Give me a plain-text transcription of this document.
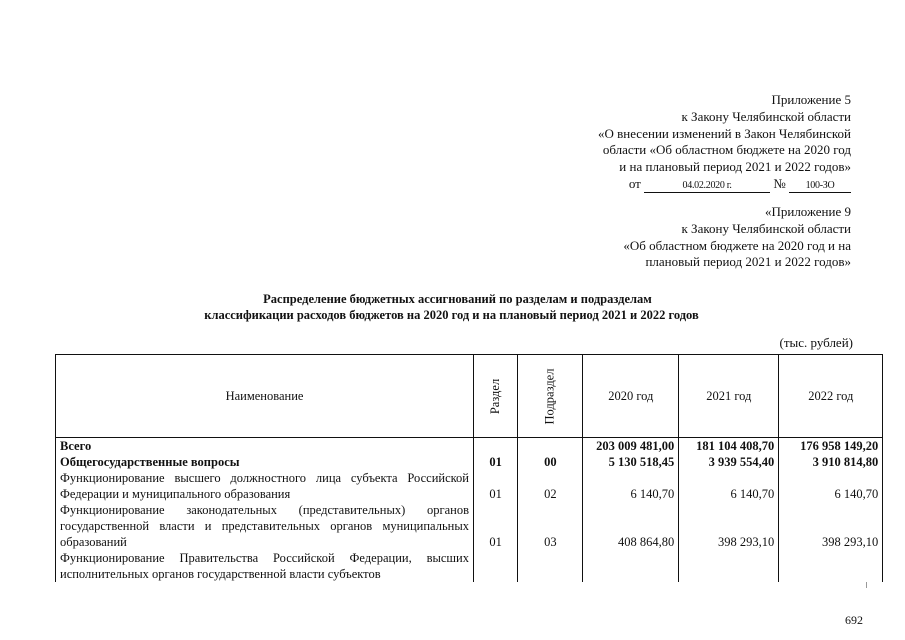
Приложение 5
к Закону Челябинской области
«О внесении изменений в Закон Челябинской
области «Об областном бюджете на 2020 год
и на плановый период 2021 и 2022 годов»
от	04.02.2020 г.	№ 100-ЗО
«Приложение 9
к Закону Челябинской области
«Об областном бюджете на 2020 год и на
плановый период 2021 и 2022 годов»
Распределение бюджетных ассигнований по разделам и подразделам
классификации расходов бюджетов на 2020 год и на плановый период 2021 и 2022 годов
(тыс. рублей)
Наименование	Раздел	Подраздел	2020 год	2021 год	2022 год
Всего			203 009 481,00	181 104 408,70	176 958 149,20
Общегосударственные вопросы	01	00	5 130 518,45	3 939 554,40	3 910 814,80
Функционирование высшего должностного лица субъекта Российской Федерации и муниципального образования	01	02	6 140,70	6 140,70	6 140,70
Функционирование законодательных (представительных) органов государственной власти и представительных органов муниципальных образований	01	03	408 864,80	398 293,10	398 293,10
Функционирование Правительства Российской Федерации, высших исполнительных органов государственной власти субъектов					
692
